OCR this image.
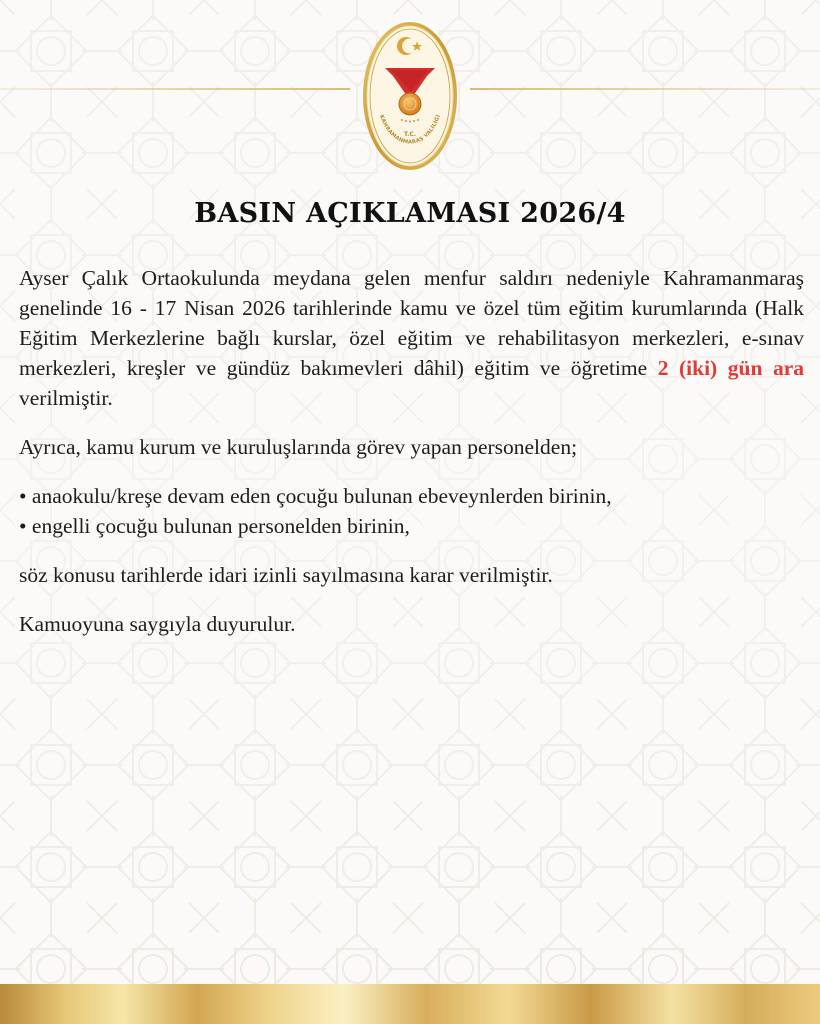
T.C.
KAHRAMANMARAŞ VALİLİĞİ
BASIN AÇIKLAMASI 2026/4

Ayser Çalık Ortaokulunda meydana gelen menfur saldırı nedeniyle Kahramanmaraş genelinde 16 - 17 Nisan 2026 tarihlerinde kamu ve özel tüm eğitim kurumlarında (Halk Eğitim Merkezlerine bağlı kurslar, özel eğitim ve rehabilitasyon merkezleri, e-sınav merkezleri, kreşler ve gündüz bakımevleri dâhil) eğitim ve öğretime 2 (iki) gün ara verilmiştir.

Ayrıca, kamu kurum ve kuruluşlarında görev yapan personelden;

• anaokulu/kreşe devam eden çocuğu bulunan ebeveynlerden birinin,
• engelli çocuğu bulunan personelden birinin,

söz konusu tarihlerde idari izinli sayılmasına karar verilmiştir.

Kamuoyuna saygıyla duyurulur.
